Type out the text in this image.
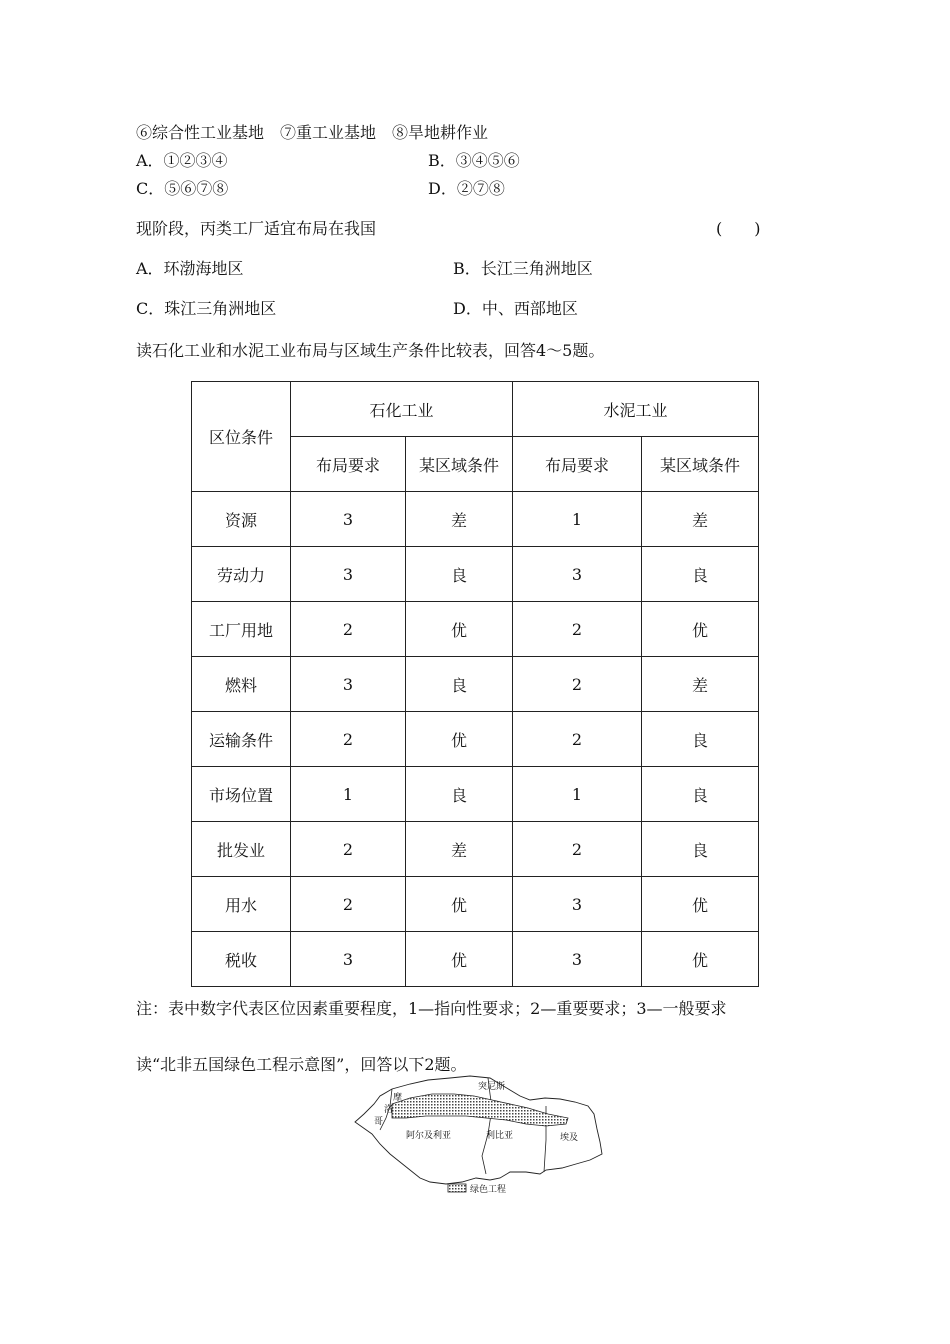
⑥综合性工业基地　⑦重工业基地　⑧旱地耕作业
A．①②③④	B．③④⑤⑥
C．⑤⑥⑦⑧	D．②⑦⑧
现阶段，丙类工厂适宜布局在我国	(　　)
A．环渤海地区	B．长江三角洲地区
C．珠江三角洲地区	D．中、西部地区
读石化工业和水泥工业布局与区域生产条件比较表，回答4～5题。
区位条件	石化工业		水泥工业	
	布局要求	某区域条件	布局要求	某区域条件
资源	3	差	1	差
劳动力	3	良	3	良
工厂用地	2	优	2	优
燃料	3	良	2	差
运输条件	2	优	2	良
市场位置	1	良	1	良
批发业	2	差	2	良
用水	2	优	3	优
税收	3	优	3	优
注：表中数字代表区位因素重要程度，1—指向性要求；2—重要要求；3—一般要求
读“北非五国绿色工程示意图”，回答以下2题。
突尼斯
摩
洛
哥
阿尔及利亚	利比亚	埃及
绿色工程
